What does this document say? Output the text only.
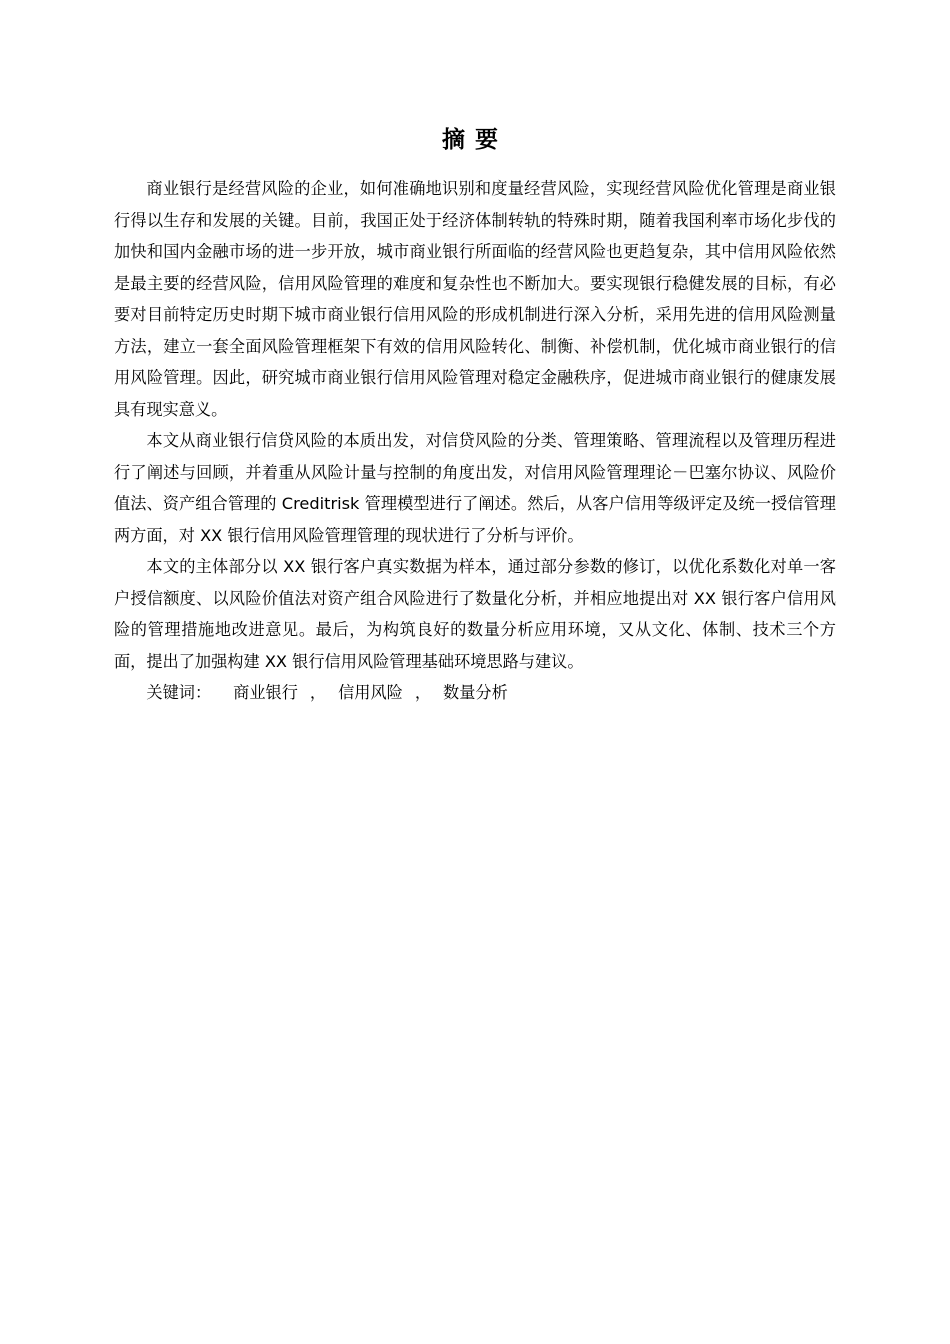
摘要

商业银行是经营风险的企业，如何准确地识别和度量经营风险，实现经营风险优化管理是商业银行得以生存和发展的关键。目前，我国正处于经济体制转轨的特殊时期，随着我国利率市场化步伐的加快和国内金融市场的进一步开放，城市商业银行所面临的经营风险也更趋复杂，其中信用风险依然是最主要的经营风险，信用风险管理的难度和复杂性也不断加大。要实现银行稳健发展的目标，有必要对目前特定历史时期下城市商业银行信用风险的形成机制进行深入分析，采用先进的信用风险测量方法，建立一套全面风险管理框架下有效的信用风险转化、制衡、补偿机制，优化城市商业银行的信用风险管理。因此，研究城市商业银行信用风险管理对稳定金融秩序，促进城市商业银行的健康发展具有现实意义。

本文从商业银行信贷风险的本质出发，对信贷风险的分类、管理策略、管理流程以及管理历程进行了阐述与回顾，并着重从风险计量与控制的角度出发，对信用风险管理理论－巴塞尔协议、风险价值法、资产组合管理的 Creditrisk 管理模型进行了阐述。然后，从客户信用等级评定及统一授信管理两方面，对 XX 银行信用风险管理管理的现状进行了分析与评价。

本文的主体部分以 XX 银行客户真实数据为样本，通过部分参数的修订，以优化系数化对单一客户授信额度、以风险价值法对资产组合风险进行了数量化分析，并相应地提出对 XX 银行客户信用风险的管理措施地改进意见。最后，为构筑良好的数量分析应用环境，又从文化、体制、技术三个方面，提出了加强构建 XX 银行信用风险管理基础环境思路与建议。

关键词： 商业银行 ， 信用风险 ， 数量分析
